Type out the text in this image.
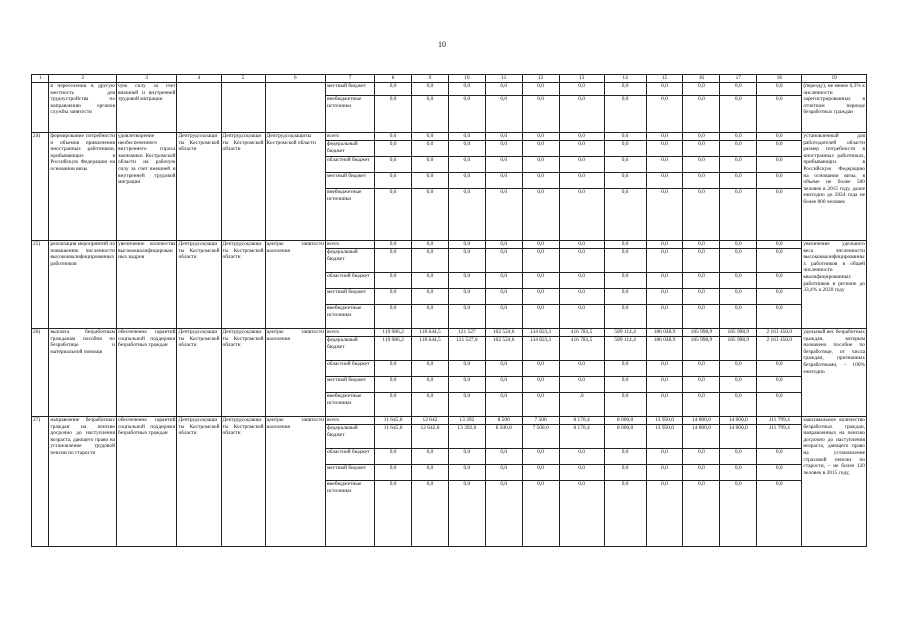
10
1	2	3	4	5	6	7	8	9	10	11	12	13	14	15	16	17	18	19
	в переселении в другую местность для трудоустройства по направлению органов службы занятости	чую силу за счет внешней и внутренней трудовой миграции				местный бюджет	0,0	0,0	0,0	0,0	0,0	0,0	0,0	0,0	0,0	0,0	0,0	(перезду), не менее 0,3% к численности зарегистрированных в отчетном периоде безработных граждан
						внебюджетные источники	0,0	0,0	0,0	0,0	0,0	0,0	0,0	0,0	0,0	0,0	0,0	
24)	формирование потребности и объемов привлечения иностранных работников, прибывающих в Российскую Федерацию на основании визы	удовлетворение необеспеченного внутреннего спроса экономики Костромской области на рабочую силу за счет внешней и внутренней трудовой миграции	Дептрудсоцзащиты Костромской области	Дептрудсоцзащиты Костромской области	Дептрудсоцзащиты Костромской области	всего	0,0	0,0	0,0	0,0	0,0	0,0	0,0	0,0	0,0	0,0	0,0	установленный для работодателей области размер потребности в иностранных работниках, прибывающих в Российскую Федерацию на основании визы, в объеме не более 500 человек в 2015 году, далее ежегодно до 2024 года не более 800 человек
						федеральный бюджет	0,0	0,0	0,0	0,0	0,0	0,0	0,0	0,0	0,0	0,0	0,0	
						областной бюджет	0,0	0,0	0,0	0,0	0,0	0,0	0,0	0,0	0,0	0,0	0,0	
						местный бюджет	0,0	0,0	0,0	0,0	0,0	0,0	0,0	0,0	0,0	0,0	0,0	
						внебюджетные источники	0,0	0,0	0,0	0,0	0,0	0,0	0,0	0,0	0,0	0,0	0,0	
25)	реализация мероприятий по повышению численности высококвалифицированных работников	увеличение количества высококвалифицированных кадров	Дептрудсоцзащиты Костромской области	Дептрудсоцзащиты Костромской области	центры занятости населения	всего	0,0	0,0	0,0	0,0	0,0	0,0	0,0	0,0	0,0	0,0	0,0	увеличение удельного веса численности высококвалифицированных работников в общей численности квалифицированных работников в регионе до 33,4% к 2020 году
						федеральный бюджет	0,0	0,0	0,0	0,0	0,0	0,0	0,0	0,0	0,0	0,0	0,0	
						областной бюджет	0,0	0,0	0,0	0,0	0,0	0,0	0,0	0,0	0,0	0,0	0,0	
						местный бюджет	0,0	0,0	0,0	0,0	0,0	0,0	0,0	0,0	0,0	0,0	0,0	
						внебюджетные источники	0,0	0,0	0,0	0,0	0,0	0,0	0,0	0,0	0,0	0,0	0,0	
26)	выплата безработным гражданам пособия по безработице и материальной помощи	обеспечение гарантий социальной поддержки безработных граждан	Дептрудсоцзащиты Костромской области	Дептрудсоцзащиты Костромской области	центры занятости населения	всего	119 986,2	118 644,5	121 527	102 524,6	134 823,1	416 783,5	589 114,4	186 048,9	185 998,9	185 998,9	2 161 450,0	удельный вес безработных граждан, которым назначено пособие по безработице, от числа граждан, признанных безработными, – 100% ежегодно
						федеральный бюджет	119 986,2	118 644,5	121 527,0	102 524,6	134 823,1	416 783,5	589 114,4	186 048,9	185 998,9	185 998,9	2 161 450,0	
						областной бюджет	0,0	0,0	0,0	0,0	0,0	0,0	0,0	0,0	0,0	0,0	0,0	
						местный бюджет	0,0	0,0	0,0	0,0	0,0	0,0	0,0	0,0	0,0	0,0	0,0	
						внебюджетные источники	0,0	0,0	0,0	0,0	0,0	,0	0,0	0,0	0,0	0,0	0,0	
27)	направление безработных граждан на пенсию досрочно до наступления возраста, дающего право на установление трудовой пенсии по старости	обеспечение гарантий социальной поддержки безработных граждан	Дептрудсоцзащиты Костромской области	Дептрудсоцзащиты Костромской области	центры занятости населения	всего	11 645,0	12 642	13 392	8 500	7 500	8 170,4	8 000,0	13 950,0	14 000,0	14 000,0	111 799,4	максимальное количество безработных граждан, направленных на пенсию досрочно до наступления возраста, дающего право на установление страховой пенсии по старости, – не более 120 человек в 2015 году,
						федеральный бюджет	11 645,0	12 642,0	13 392,0	8 500,0	7 500,0	8 170,4	8 000,0	13 950,0	14 000,0	14 000,0	111 799,4	
						областной бюджет	0,0	0,0	0,0	0,0	0,0	0,0	0,0	0,0	0,0	0,0	0,0	
						местный бюджет	0,0	0,0	0,0	0,0	0,0	0,0	0,0	0,0	0,0	0,0	0,0	
						внебюджетные источники	0,0	0,0	0,0	0,0	0,0	0,0	0,0	0,0	0,0	0,0	0,0	
